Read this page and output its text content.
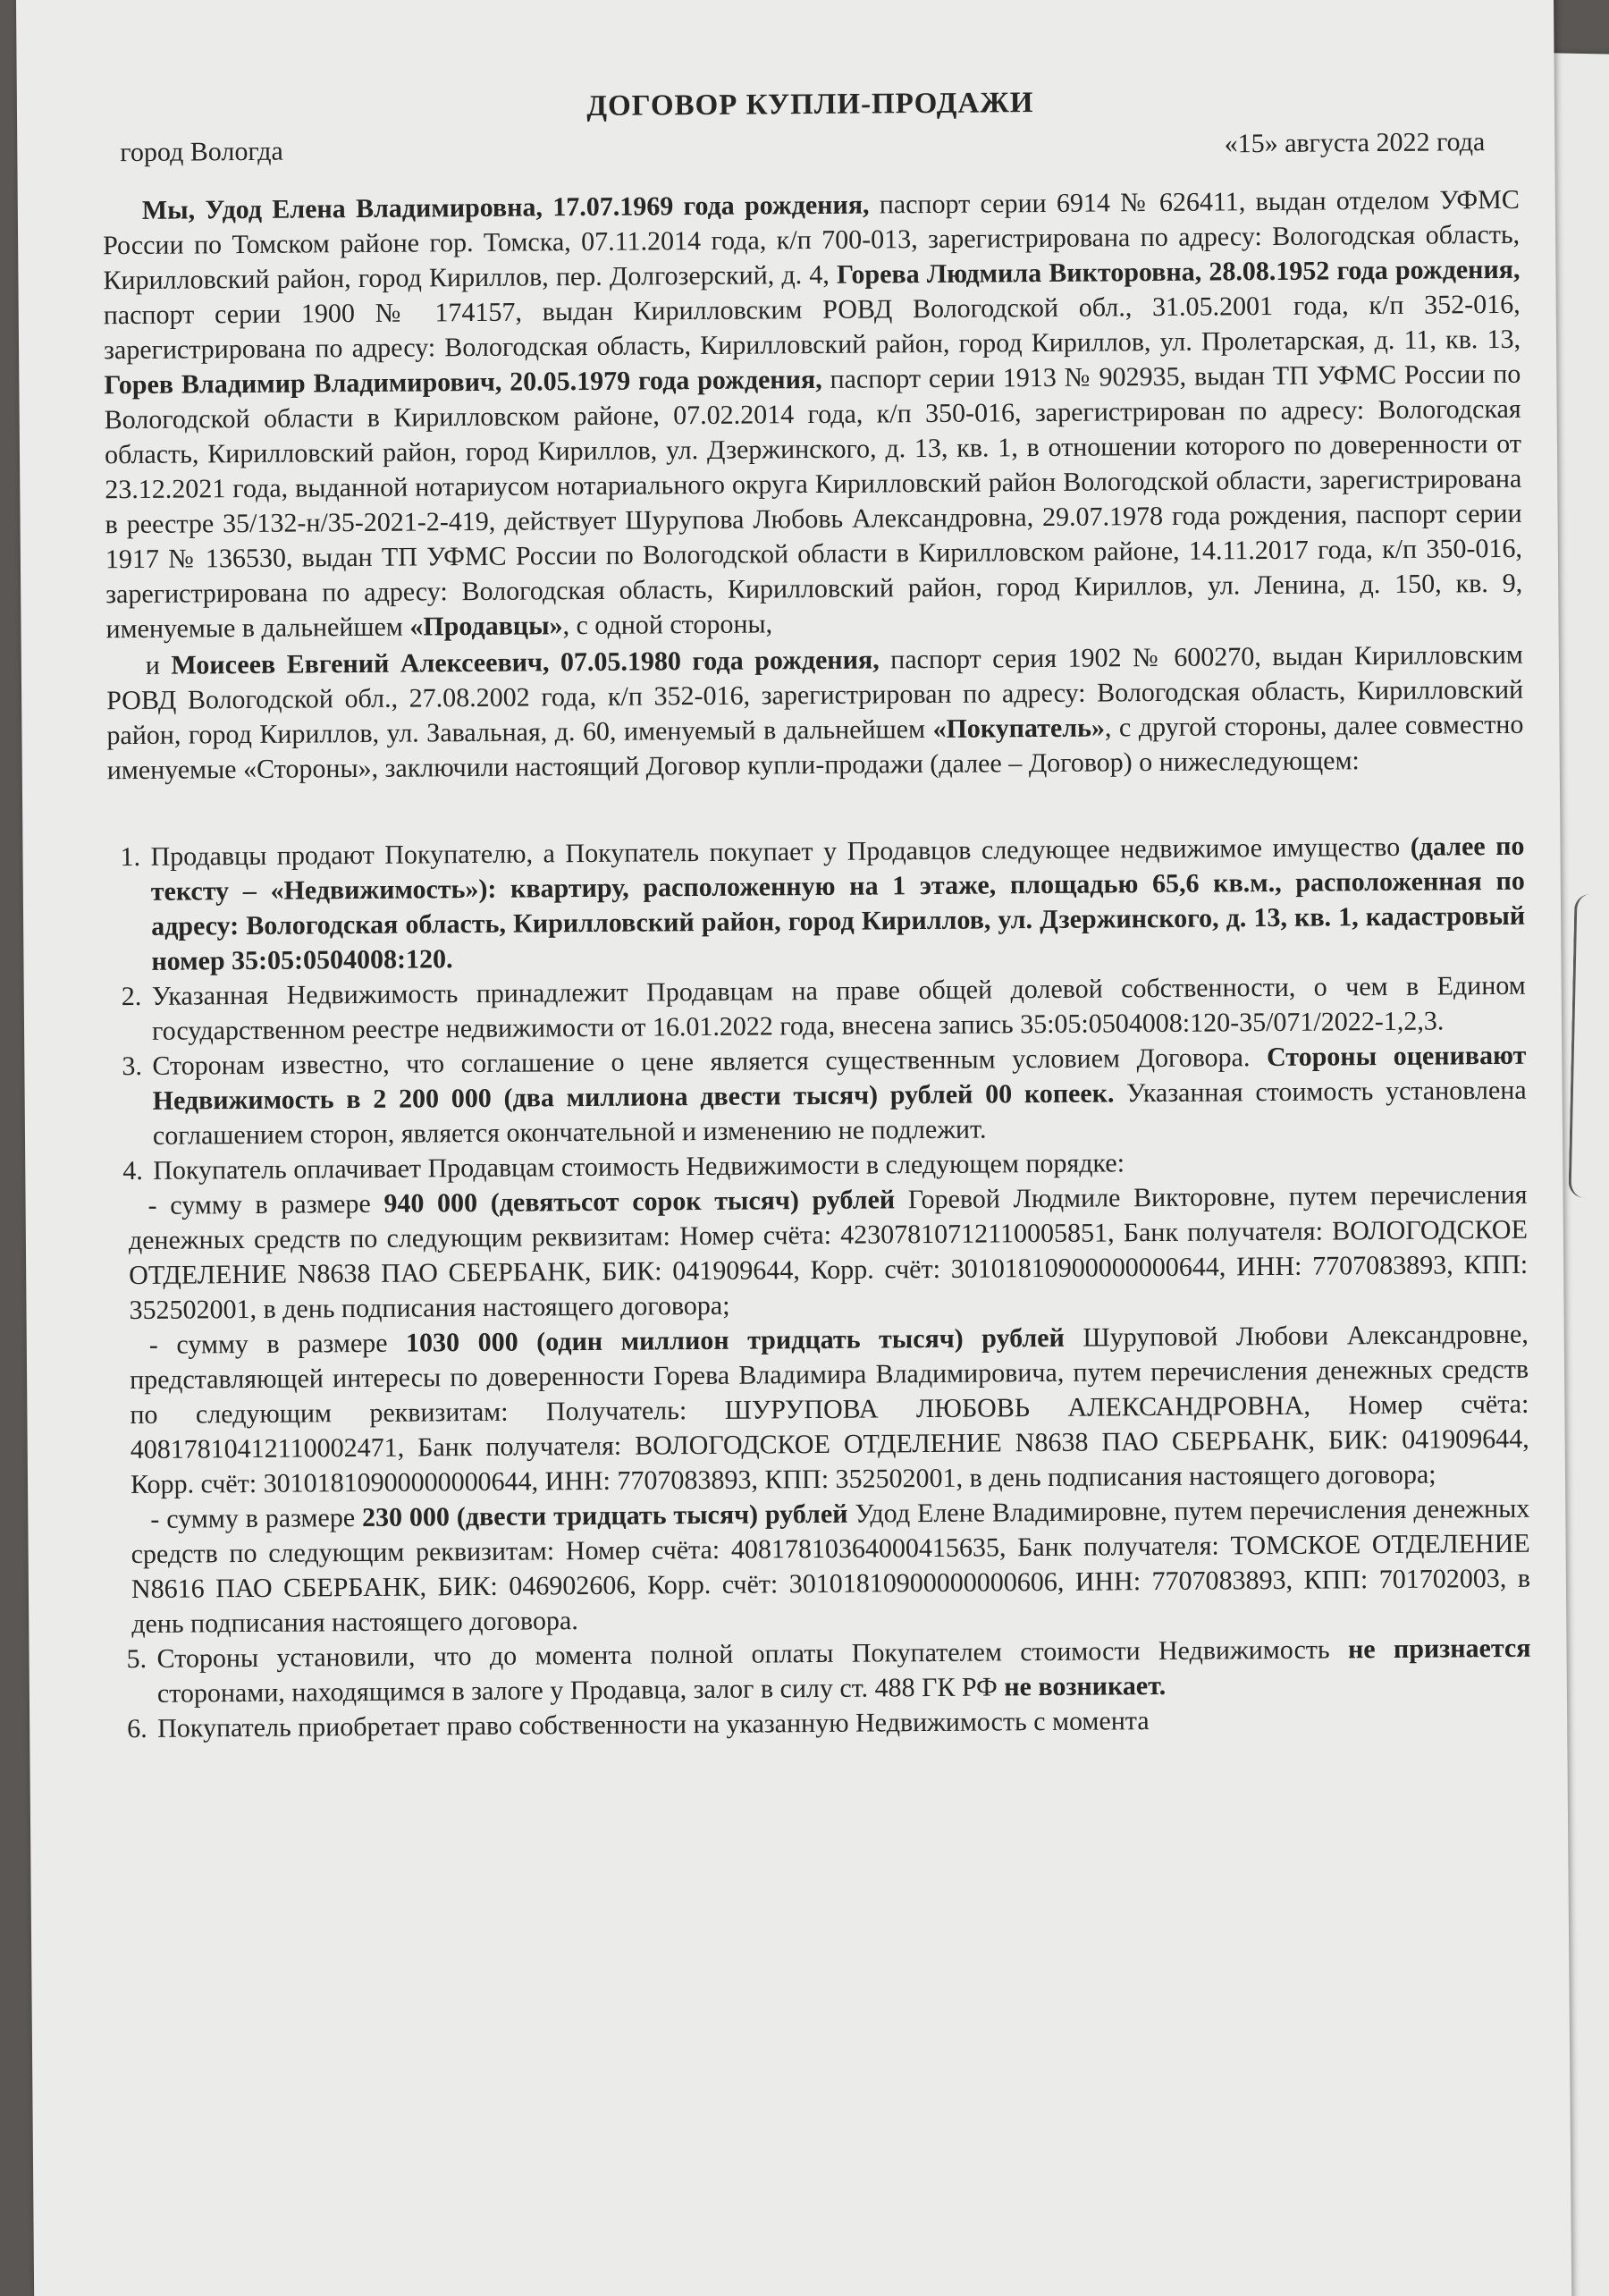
ДОГОВОР КУПЛИ-ПРОДАЖИ
город Вологда	«15» августа 2022 года

Мы, Удод Елена Владимировна, 17.07.1969 года рождения, паспорт серии 6914 № 626411, выдан отделом УФМС России по Томском районе гор. Томска, 07.11.2014 года, к/п 700-013, зарегистрирована по адресу: Вологодская область, Кирилловский район, город Кириллов, пер. Долгозерский, д. 4, Горева Людмила Викторовна, 28.08.1952 года рождения, паспорт серии 1900 № 174157, выдан Кирилловским РОВД Вологодской обл., 31.05.2001 года, к/п 352-016, зарегистрирована по адресу: Вологодская область, Кирилловский район, город Кириллов, ул. Пролетарская, д. 11, кв. 13, Горев Владимир Владимирович, 20.05.1979 года рождения, паспорт серии 1913 № 902935, выдан ТП УФМС России по Вологодской области в Кирилловском районе, 07.02.2014 года, к/п 350-016, зарегистрирован по адресу: Вологодская область, Кирилловский район, город Кириллов, ул. Дзержинского, д. 13, кв. 1, в отношении которого по доверенности от 23.12.2021 года, выданной нотариусом нотариального округа Кирилловский район Вологодской области, зарегистрирована в реестре 35/132-н/35-2021-2-419, действует Шурупова Любовь Александровна, 29.07.1978 года рождения, паспорт серии 1917 № 136530, выдан ТП УФМС России по Вологодской области в Кирилловском районе, 14.11.2017 года, к/п 350-016, зарегистрирована по адресу: Вологодская область, Кирилловский район, город Кириллов, ул. Ленина, д. 150, кв. 9, именуемые в дальнейшем «Продавцы», с одной стороны,

и Моисеев Евгений Алексеевич, 07.05.1980 года рождения, паспорт серия 1902 № 600270, выдан Кирилловским РОВД Вологодской обл., 27.08.2002 года, к/п 352-016, зарегистрирован по адресу: Вологодская область, Кирилловский район, город Кириллов, ул. Завальная, д. 60, именуемый в дальнейшем «Покупатель», с другой стороны, далее совместно именуемые «Стороны», заключили настоящий Договор купли-продажи (далее – Договор) о нижеследующем:

1. Продавцы продают Покупателю, а Покупатель покупает у Продавцов следующее недвижимое имущество (далее по тексту – «Недвижимость»): квартиру, расположенную на 1 этаже, площадью 65,6 кв.м., расположенная по адресу: Вологодская область, Кирилловский район, город Кириллов, ул. Дзержинского, д. 13, кв. 1, кадастровый номер 35:05:0504008:120.
2. Указанная Недвижимость принадлежит Продавцам на праве общей долевой собственности, о чем в Едином государственном реестре недвижимости от 16.01.2022 года, внесена запись 35:05:0504008:120-35/071/2022-1,2,3.
3. Сторонам известно, что соглашение о цене является существенным условием Договора. Стороны оценивают Недвижимость в 2 200 000 (два миллиона двести тысяч) рублей 00 копеек. Указанная стоимость установлена соглашением сторон, является окончательной и изменению не подлежит.
4. Покупатель оплачивает Продавцам стоимость Недвижимости в следующем порядке:

- сумму в размере 940 000 (девятьсот сорок тысяч) рублей Горевой Людмиле Викторовне, путем перечисления денежных средств по следующим реквизитам: Номер счёта: 42307810712110005851, Банк получателя: ВОЛОГОДСКОЕ ОТДЕЛЕНИЕ N8638 ПАО СБЕРБАНК, БИК: 041909644, Корр. счёт: 30101810900000000644, ИНН: 7707083893, КПП: 352502001, в день подписания настоящего договора;

- сумму в размере 1030 000 (один миллион тридцать тысяч) рублей Шуруповой Любови Александровне, представляющей интересы по доверенности Горева Владимира Владимировича, путем перечисления денежных средств по следующим реквизитам: Получатель: ШУРУПОВА ЛЮБОВЬ АЛЕКСАНДРОВНА, Номер счёта: 40817810412110002471, Банк получателя: ВОЛОГОДСКОЕ ОТДЕЛЕНИЕ N8638 ПАО СБЕРБАНК, БИК: 041909644, Корр. счёт: 30101810900000000644, ИНН: 7707083893, КПП: 352502001, в день подписания настоящего договора;

- сумму в размере 230 000 (двести тридцать тысяч) рублей Удод Елене Владимировне, путем перечисления денежных средств по следующим реквизитам: Номер счёта: 40817810364000415635, Банк получателя: ТОМСКОЕ ОТДЕЛЕНИЕ N8616 ПАО СБЕРБАНК, БИК: 046902606, Корр. счёт: 30101810900000000606, ИНН: 7707083893, КПП: 701702003, в день подписания настоящего договора.

5. Стороны установили, что до момента полной оплаты Покупателем стоимости Недвижимость не признается сторонами, находящимся в залоге у Продавца, залог в силу ст. 488 ГК РФ не возникает.
6. Покупатель приобретает право собственности на указанную Недвижимость с момента
